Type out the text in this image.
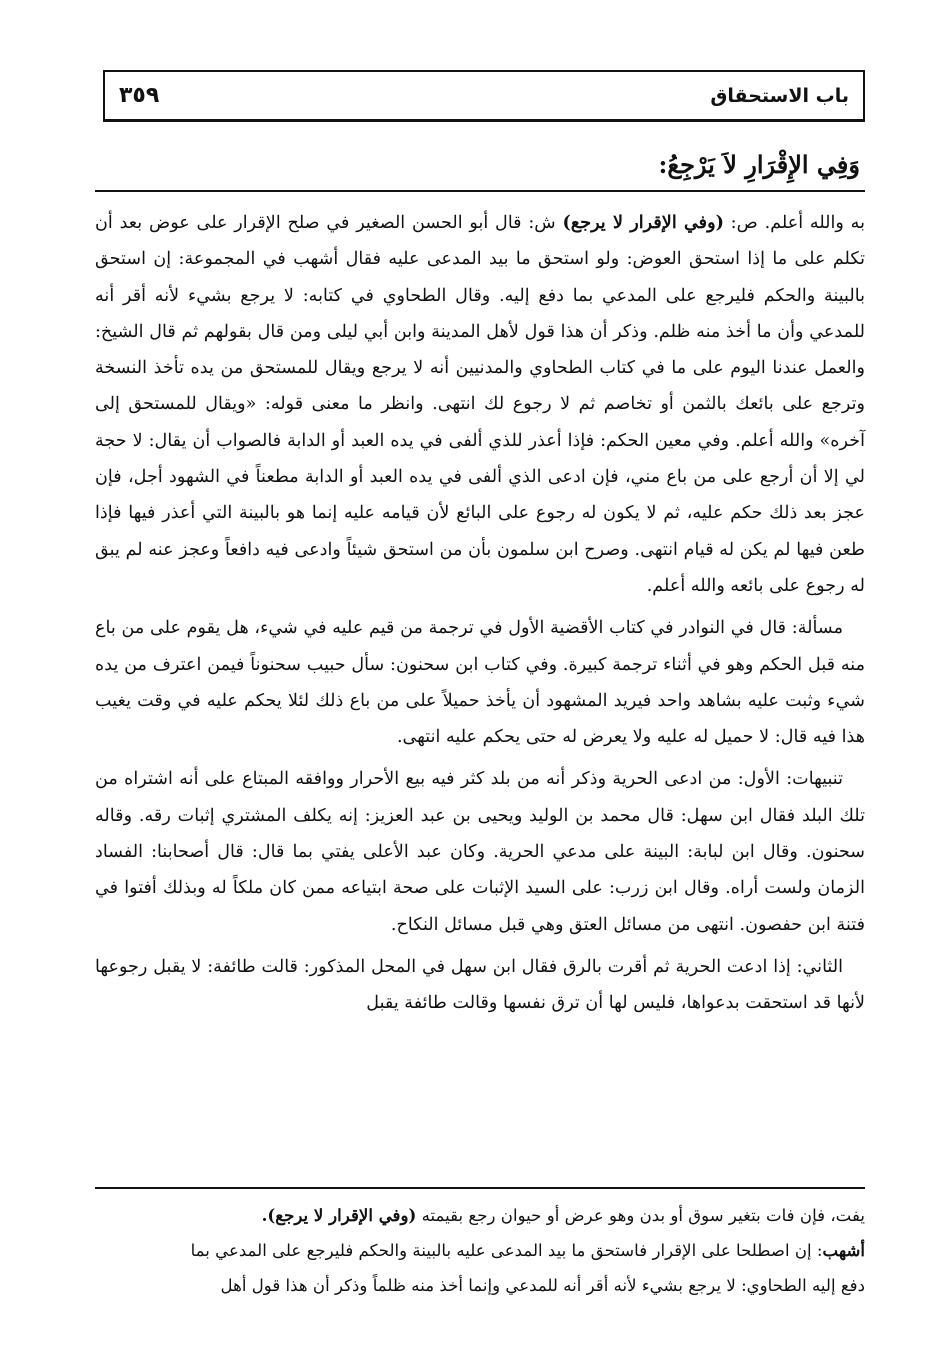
باب الاستحقاق
٣٥٩
وَفِي الإِقْرَارِ لاَ يَرْجِعُ:

به والله أعلم. ص: (وفي الإقرار لا يرجع) ش: قال أبو الحسن الصغير في صلح الإقرار على عوض بعد أن تكلم على ما إذا استحق العوض: ولو استحق ما بيد المدعى عليه فقال أشهب في المجموعة: إن استحق بالبينة والحكم فليرجع على المدعي بما دفع إليه. وقال الطحاوي في كتابه: لا يرجع بشيء لأنه أقر أنه للمدعي وأن ما أخذ منه ظلم. وذكر أن هذا قول لأهل المدينة وابن أبي ليلى ومن قال بقولهم ثم قال الشيخ: والعمل عندنا اليوم على ما في كتاب الطحاوي والمدنيين أنه لا يرجع ويقال للمستحق من يده تأخذ النسخة وترجع على بائعك بالثمن أو تخاصم ثم لا رجوع لك انتهى. وانظر ما معنى قوله: «ويقال للمستحق إلى آخره» والله أعلم. وفي معين الحكم: فإذا أعذر للذي ألفى في يده العبد أو الدابة فالصواب أن يقال: لا حجة لي إلا أن أرجع على من باع مني، فإن ادعى الذي ألفى في يده العبد أو الدابة مطعناً في الشهود أجل، فإن عجز بعد ذلك حكم عليه، ثم لا يكون له رجوع على البائع لأن قيامه عليه إنما هو بالبينة التي أعذر فيها فإذا طعن فيها لم يكن له قيام انتهى. وصرح ابن سلمون بأن من استحق شيئاً وادعى فيه دافعاً وعجز عنه لم يبق له رجوع على بائعه والله أعلم.

مسألة: قال في النوادر في كتاب الأقضية الأول في ترجمة من قيم عليه في شيء، هل يقوم على من باع منه قبل الحكم وهو في أثناء ترجمة كبيرة. وفي كتاب ابن سحنون: سأل حبيب سحنوناً فيمن اعترف من يده شيء وثبت عليه بشاهد واحد فيريد المشهود أن يأخذ حميلاً على من باع ذلك لئلا يحكم عليه في وقت يغيب هذا فيه قال: لا حميل له عليه ولا يعرض له حتى يحكم عليه انتهى.

تنبيهات: الأول: من ادعى الحرية وذكر أنه من بلد كثر فيه بيع الأحرار ووافقه المبتاع على أنه اشتراه من تلك البلد فقال ابن سهل: قال محمد بن الوليد ويحيى بن عبد العزيز: إنه يكلف المشتري إثبات رقه. وقاله سحنون. وقال ابن لبابة: البينة على مدعي الحرية. وكان عبد الأعلى يفتي بما قال: قال أصحابنا: الفساد الزمان ولست أراه. وقال ابن زرب: على السيد الإثبات على صحة ابتياعه ممن كان ملكاً له وبذلك أفتوا في فتنة ابن حفصون. انتهى من مسائل العتق وهي قبل مسائل النكاح.

الثاني: إذا ادعت الحرية ثم أقرت بالرق فقال ابن سهل في المحل المذكور: قالت طائفة: لا يقبل رجوعها لأنها قد استحقت بدعواها، فليس لها أن ترق نفسها وقالت طائفة يقبل

يفت، فإن فات بتغير سوق أو بدن وهو عرض أو حيوان رجع بقيمته (وفي الإقرار لا يرجع).

أشهب: إن اصطلحا على الإقرار فاستحق ما بيد المدعى عليه بالبينة والحكم فليرجع على المدعي بما

دفع إليه الطحاوي: لا يرجع بشيء لأنه أقر أنه للمدعي وإنما أخذ منه ظلماً وذكر أن هذا قول أهل
